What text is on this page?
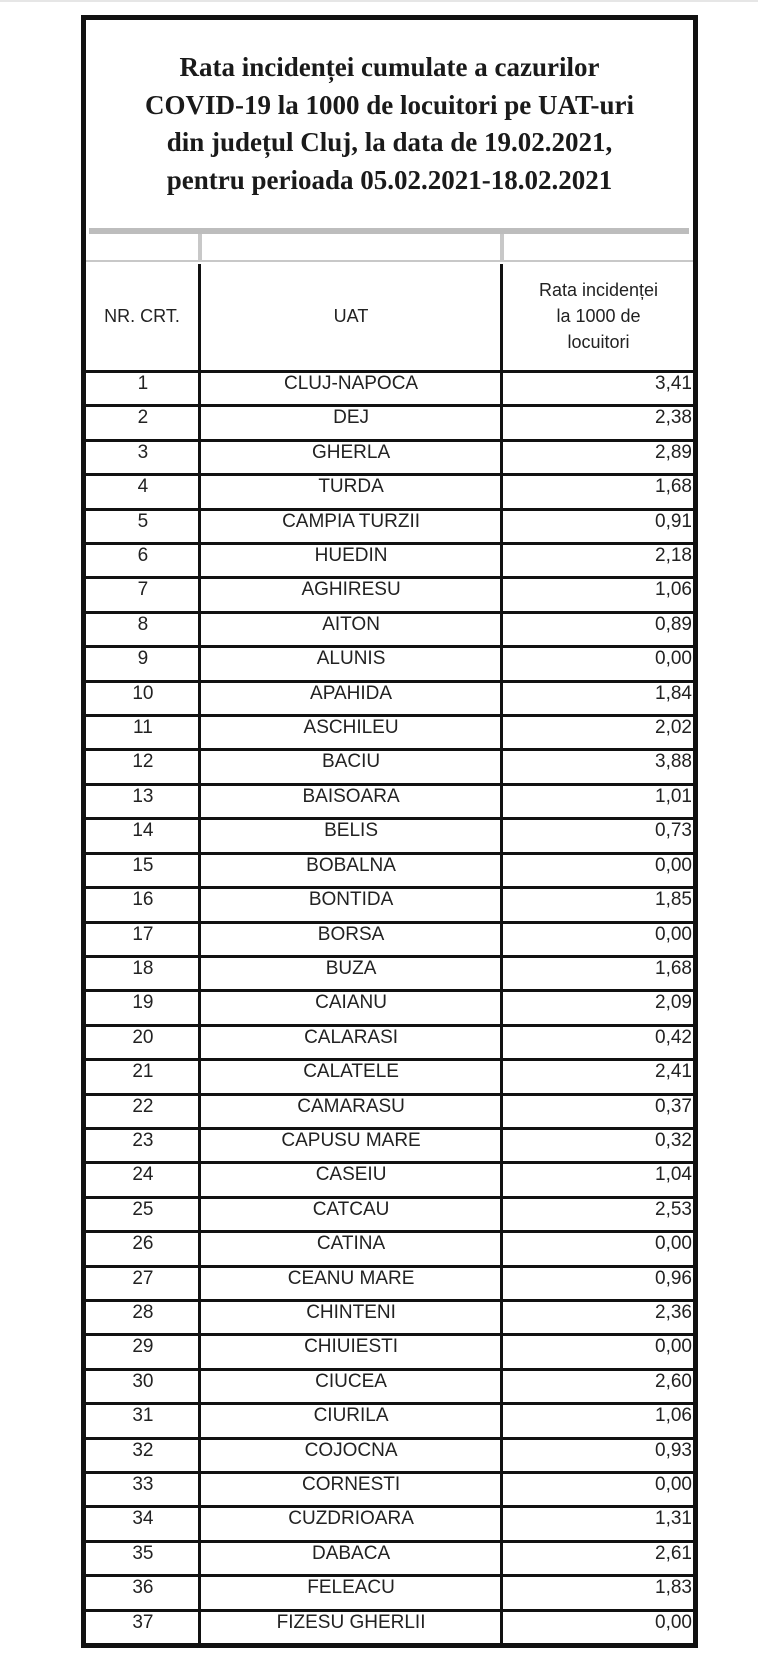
Rata incidenței cumulate a cazurilor
COVID-19 la 1000 de locuitori pe UAT-uri
din județul Cluj, la data de 19.02.2021,
pentru perioada 05.02.2021-18.02.2021
NR. CRT.	UAT
Rata incidenței
la 1000 de
locuitori
1	CLUJ-NAPOCA	3,41
2	DEJ	2,38
3	GHERLA	2,89
4	TURDA	1,68
5	CAMPIA TURZII	0,91
6	HUEDIN	2,18
7	AGHIRESU	1,06
8	AITON	0,89
9	ALUNIS	0,00
10	APAHIDA	1,84
11	ASCHILEU	2,02
12	BACIU	3,88
13	BAISOARA	1,01
14	BELIS	0,73
15	BOBALNA	0,00
16	BONTIDA	1,85
17	BORSA	0,00
18	BUZA	1,68
19	CAIANU	2,09
20	CALARASI	0,42
21	CALATELE	2,41
22	CAMARASU	0,37
23	CAPUSU MARE	0,32
24	CASEIU	1,04
25	CATCAU	2,53
26	CATINA	0,00
27	CEANU MARE	0,96
28	CHINTENI	2,36
29	CHIUIESTI	0,00
30	CIUCEA	2,60
31	CIURILA	1,06
32	COJOCNA	0,93
33	CORNESTI	0,00
34	CUZDRIOARA	1,31
35	DABACA	2,61
36	FELEACU	1,83
37	FIZESU GHERLII	0,00
